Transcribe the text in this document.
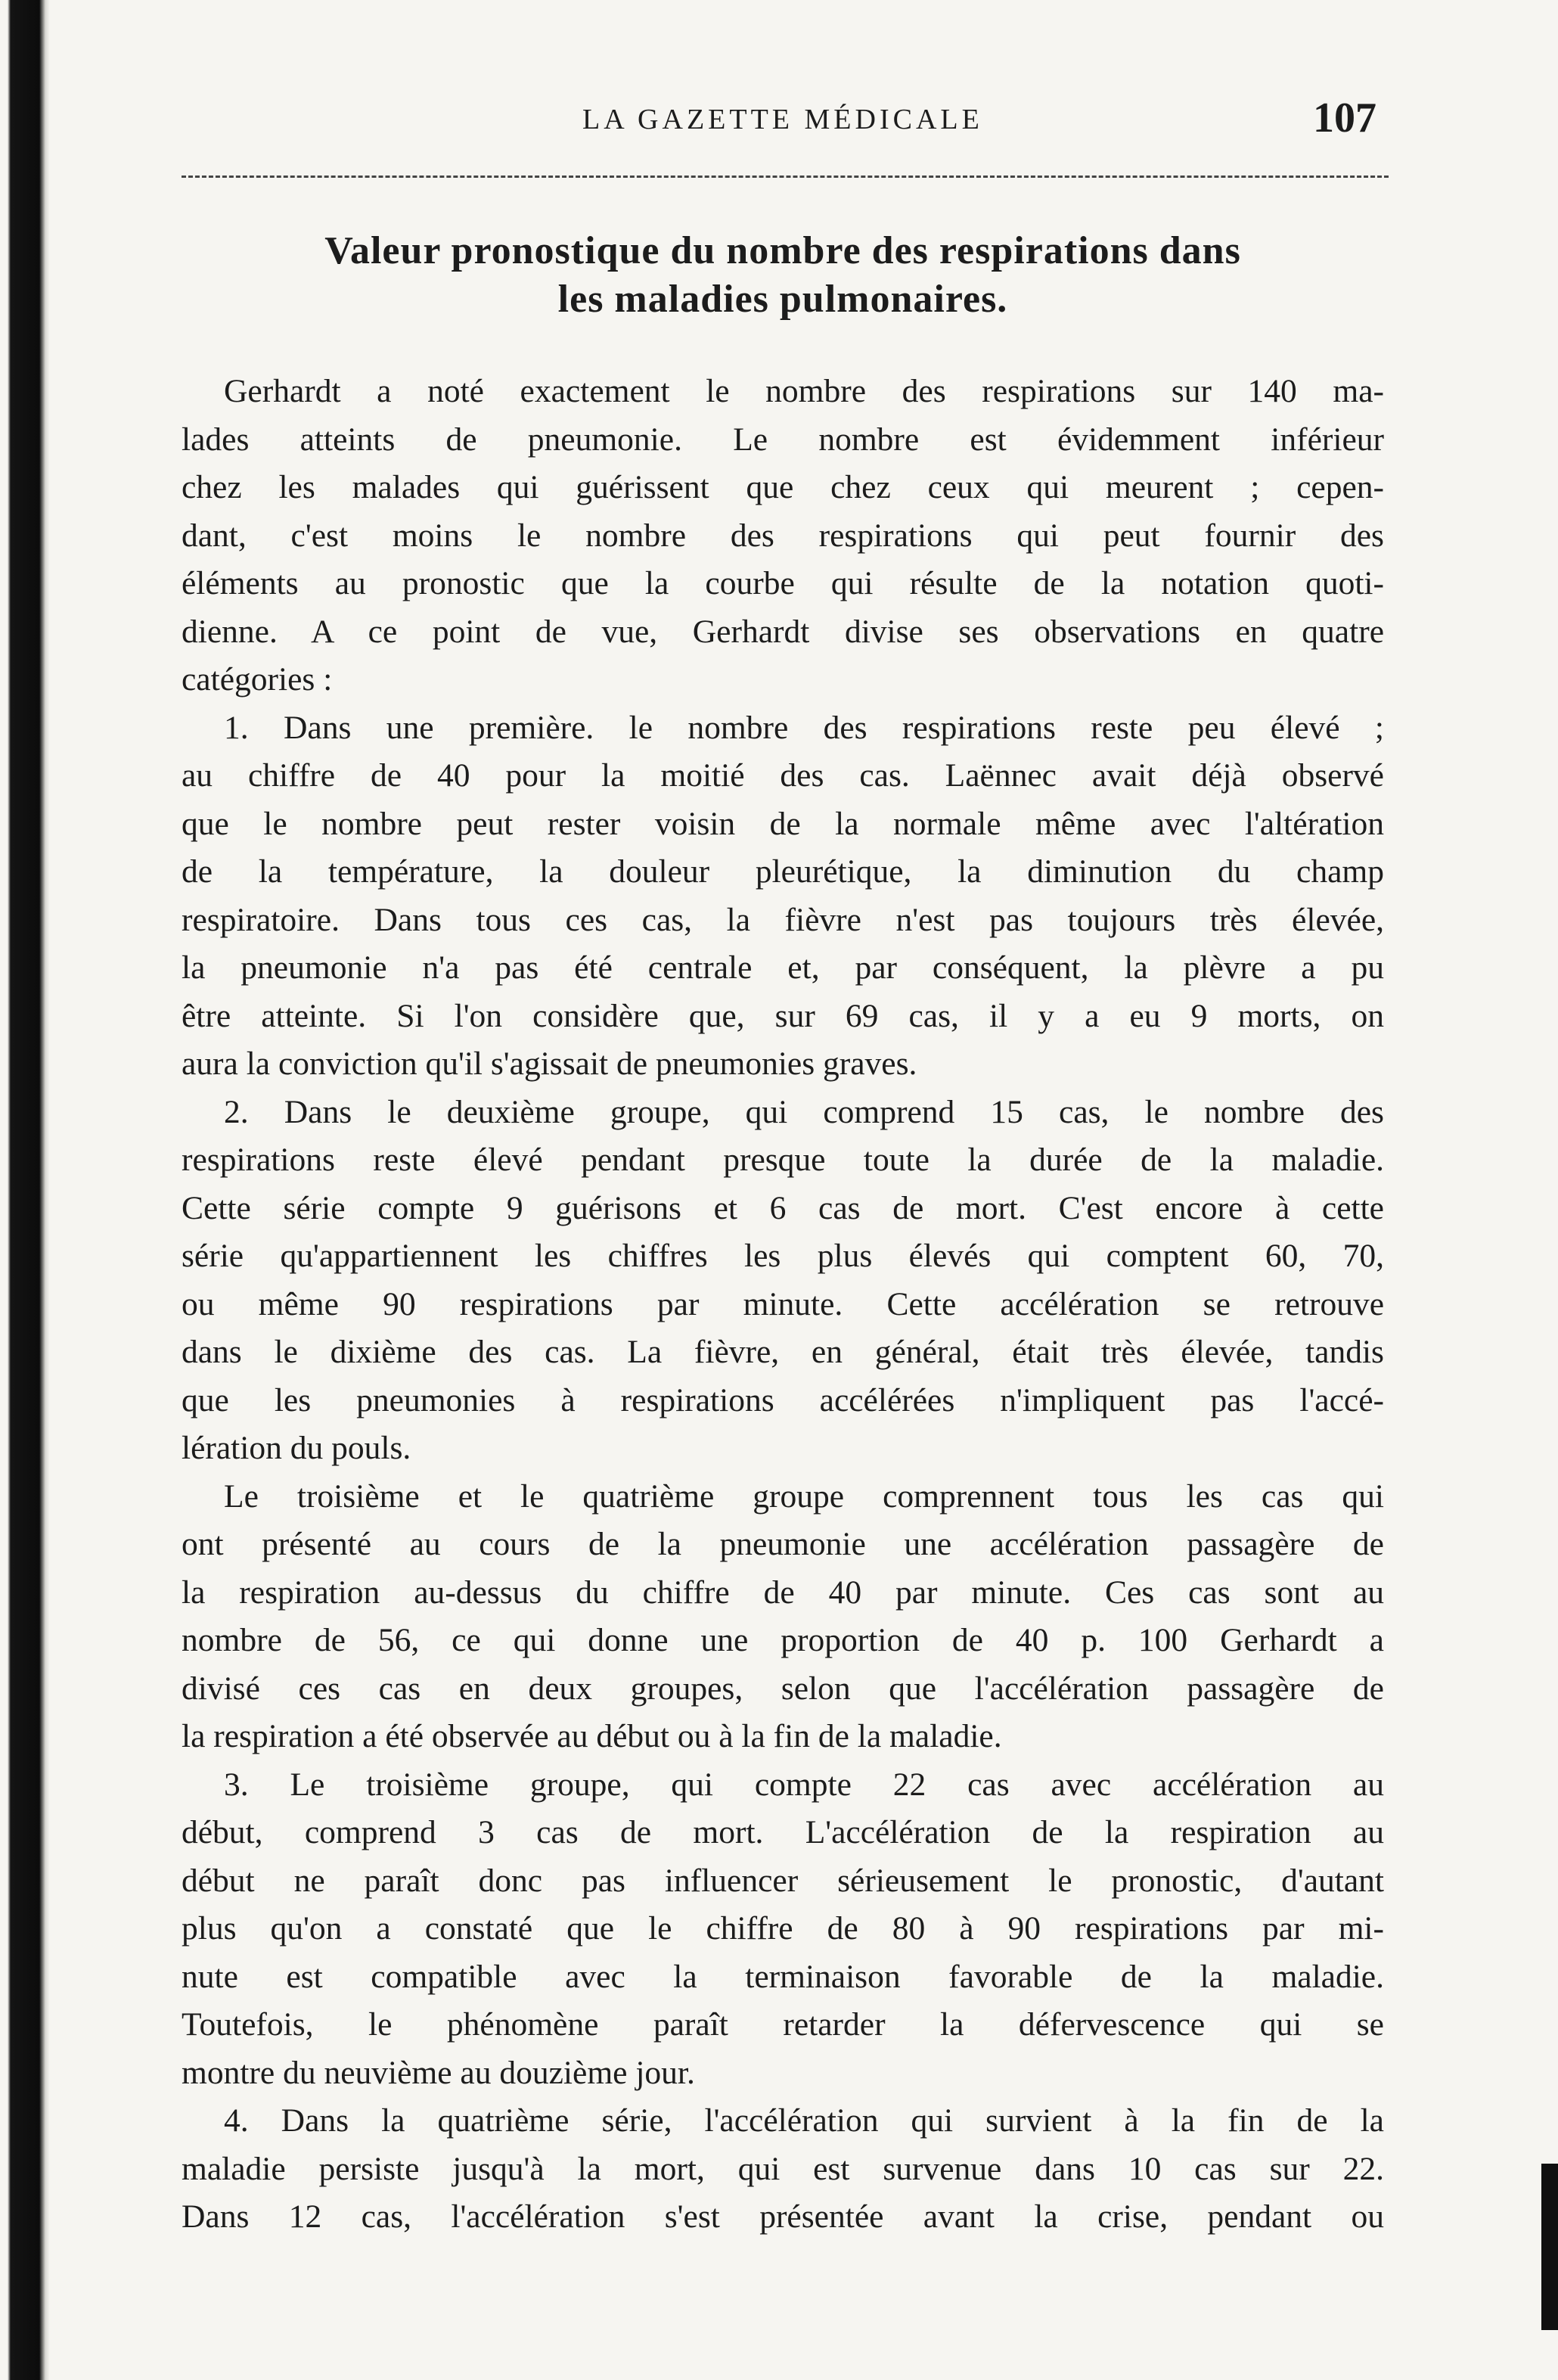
LA GAZETTE MÉDICALE	107
Valeur pronostique du nombre des respirations dans
les maladies pulmonaires.

Gerhardt a noté exactement le nombre des respirations sur 140 ma-
lades atteints de pneumonie. Le nombre est évidemment inférieur
chez les malades qui guérissent que chez ceux qui meurent ; cepen-
dant, c'est moins le nombre des respirations qui peut fournir des
éléments au pronostic que la courbe qui résulte de la notation quoti-
dienne. A ce point de vue, Gerhardt divise ses observations en quatre
catégories :

1. Dans une première. le nombre des respirations reste peu élevé ;
au chiffre de 40 pour la moitié des cas. Laënnec avait déjà observé
que le nombre peut rester voisin de la normale même avec l'altération
de la température, la douleur pleurétique, la diminution du champ
respiratoire. Dans tous ces cas, la fièvre n'est pas toujours très élevée,
la pneumonie n'a pas été centrale et, par conséquent, la plèvre a pu
être atteinte. Si l'on considère que, sur 69 cas, il y a eu 9 morts, on
aura la conviction qu'il s'agissait de pneumonies graves.

2. Dans le deuxième groupe, qui comprend 15 cas, le nombre des
respirations reste élevé pendant presque toute la durée de la maladie.
Cette série compte 9 guérisons et 6 cas de mort. C'est encore à cette
série qu'appartiennent les chiffres les plus élevés qui comptent 60, 70,
ou même 90 respirations par minute. Cette accélération se retrouve
dans le dixième des cas. La fièvre, en général, était très élevée, tandis
que les pneumonies à respirations accélérées n'impliquent pas l'accé-
lération du pouls.

Le troisième et le quatrième groupe comprennent tous les cas qui
ont présenté au cours de la pneumonie une accélération passagère de
la respiration au-dessus du chiffre de 40 par minute. Ces cas sont au
nombre de 56, ce qui donne une proportion de 40 p. 100 Gerhardt a
divisé ces cas en deux groupes, selon que l'accélération passagère de
la respiration a été observée au début ou à la fin de la maladie.

3. Le troisième groupe, qui compte 22 cas avec accélération au
début, comprend 3 cas de mort. L'accélération de la respiration au
début ne paraît donc pas influencer sérieusement le pronostic, d'autant
plus qu'on a constaté que le chiffre de 80 à 90 respirations par mi-
nute est compatible avec la terminaison favorable de la maladie.
Toutefois, le phénomène paraît retarder la défervescence qui se
montre du neuvième au douzième jour.

4. Dans la quatrième série, l'accélération qui survient à la fin de la
maladie persiste jusqu'à la mort, qui est survenue dans 10 cas sur 22.
Dans 12 cas, l'accélération s'est présentée avant la crise, pendant ou
